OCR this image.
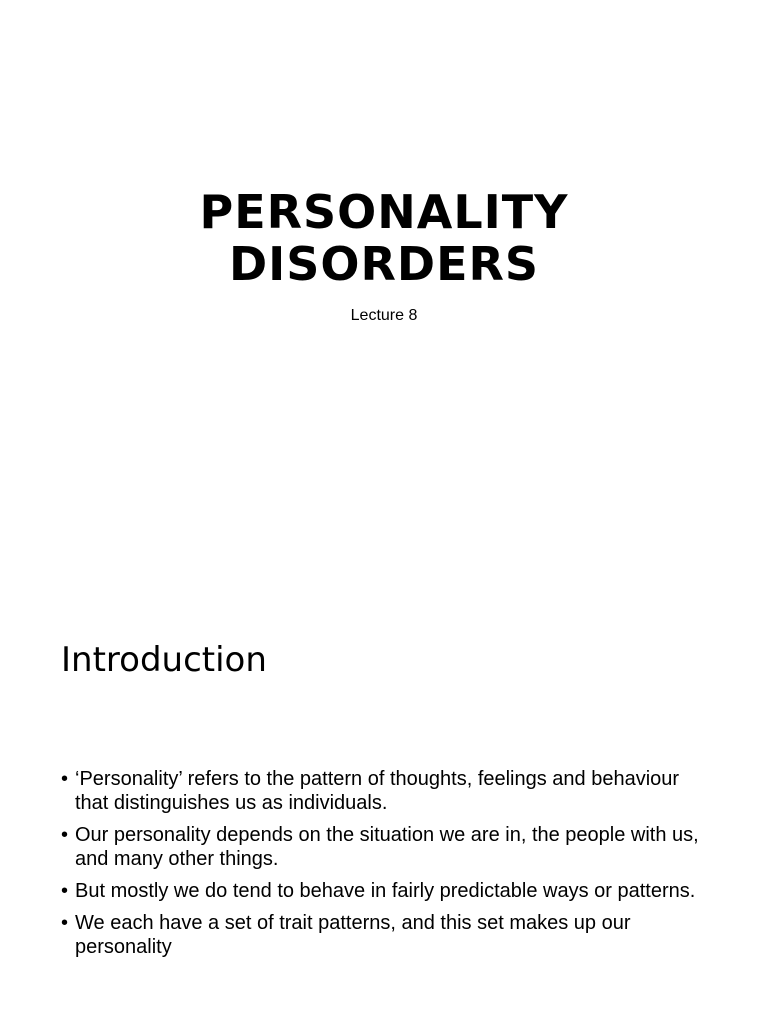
PERSONALITY
DISORDERS
Lecture 8
Introduction
• ‘Personality’ refers to the pattern of thoughts, feelings and behaviour that distinguishes us as individuals.
• Our personality depends on the situation we are in, the people with us, and many other things.
• But mostly we do tend to behave in fairly predictable ways or patterns.
• We each have a set of trait patterns, and this set makes up our personality
